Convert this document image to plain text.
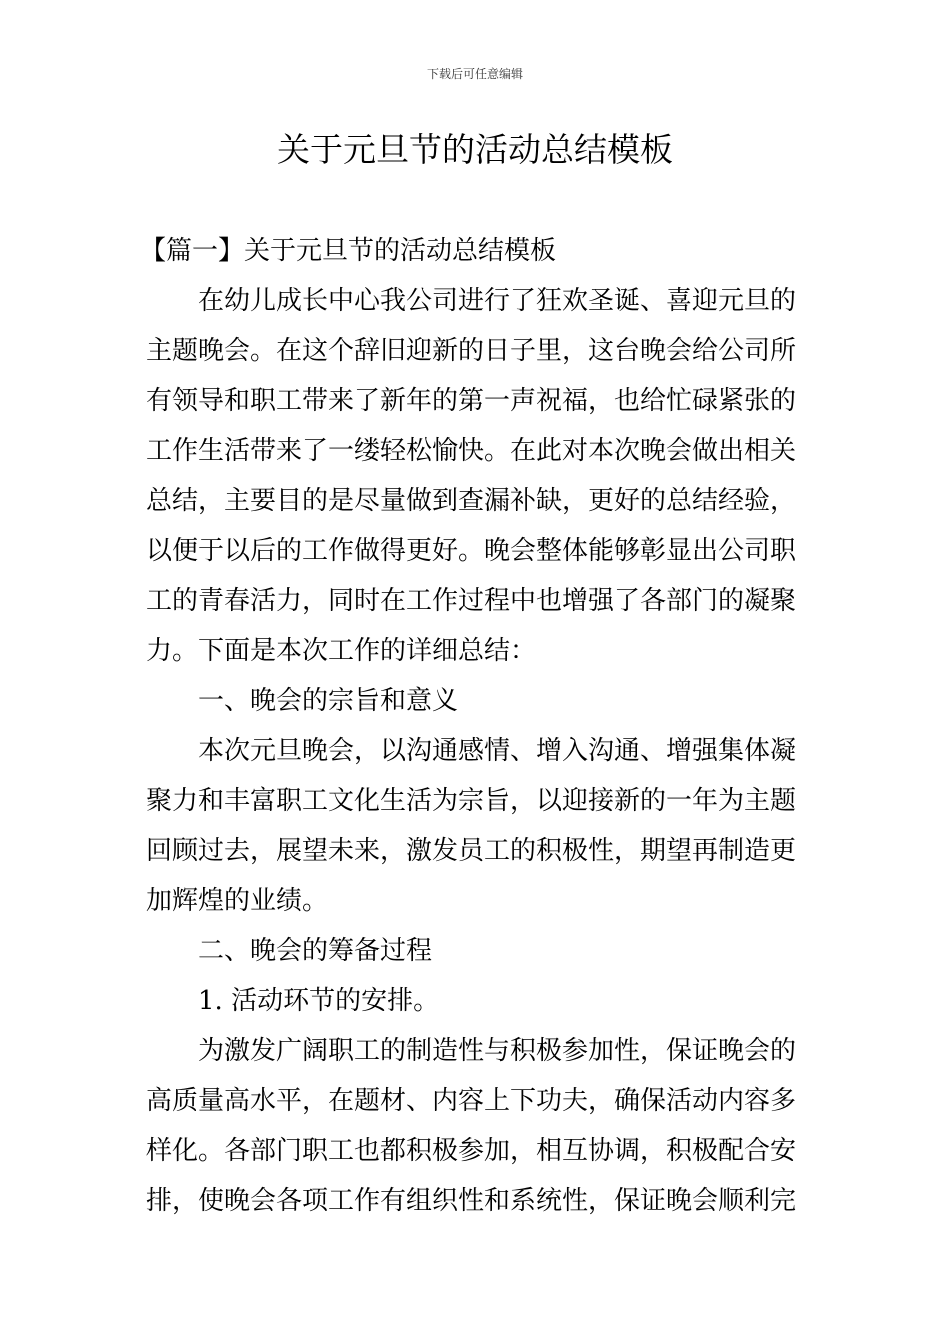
下载后可任意编辑
关于元旦节的活动总结模板
【篇一】关于元旦节的活动总结模板
在幼儿成长中心我公司进行了狂欢圣诞、喜迎元旦的
主题晚会。在这个辞旧迎新的日子里，这台晚会给公司所
有领导和职工带来了新年的第一声祝福，也给忙碌紧张的
工作生活带来了一缕轻松愉快。在此对本次晚会做出相关
总结，主要目的是尽量做到查漏补缺，更好的总结经验，
以便于以后的工作做得更好。晚会整体能够彰显出公司职
工的青春活力，同时在工作过程中也增强了各部门的凝聚
力。下面是本次工作的详细总结：
一、晚会的宗旨和意义
本次元旦晚会，以沟通感情、增入沟通、增强集体凝
聚力和丰富职工文化生活为宗旨，以迎接新的一年为主题
回顾过去，展望未来，激发员工的积极性，期望再制造更
加辉煌的业绩。
二、晚会的筹备过程
1. 活动环节的安排。
为激发广阔职工的制造性与积极参加性，保证晚会的
高质量高水平，在题材、内容上下功夫，确保活动内容多
样化。各部门职工也都积极参加，相互协调，积极配合安
排，使晚会各项工作有组织性和系统性，保证晚会顺利完
